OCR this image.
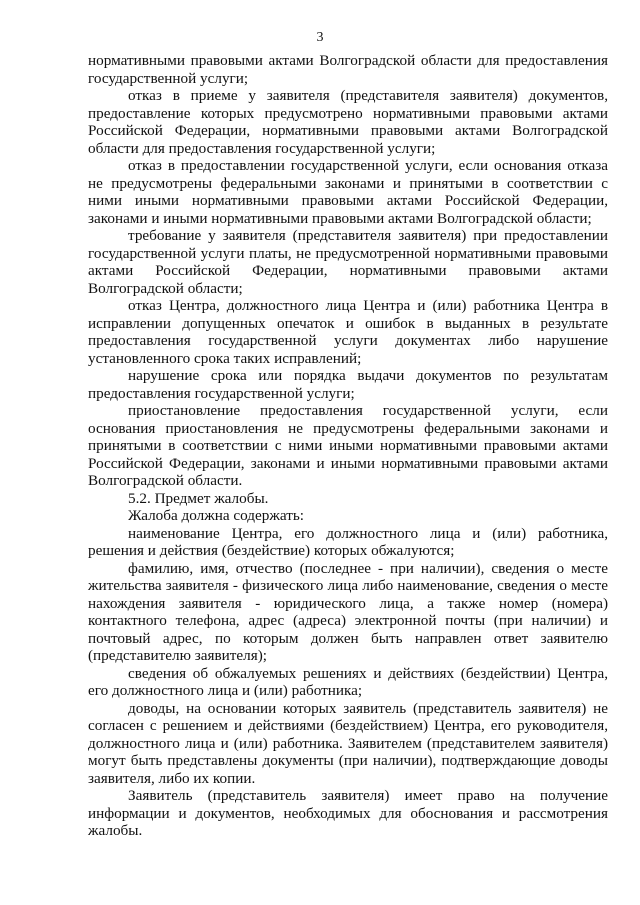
3

нормативными правовыми актами Волгоградской области для предоставления государственной услуги;

отказ в приеме у заявителя (представителя заявителя) документов, предоставление которых предусмотрено нормативными правовыми актами Российской Федерации, нормативными правовыми актами Волгоградской области для предоставления государственной услуги;

отказ в предоставлении государственной услуги, если основания отказа не предусмотрены федеральными законами и принятыми в соответствии с ними иными нормативными правовыми актами Российской Федерации, законами и иными нормативными правовыми актами Волгоградской области;

требование у заявителя (представителя заявителя) при предоставлении государственной услуги платы, не предусмотренной нормативными правовыми актами Российской Федерации, нормативными правовыми актами Волгоградской области;

отказ Центра, должностного лица Центра и (или) работника Центра в исправлении допущенных опечаток и ошибок в выданных в результате предоставления государственной услуги документах либо нарушение установленного срока таких исправлений;

нарушение срока или порядка выдачи документов по результатам предоставления государственной услуги;

приостановление предоставления государственной услуги, если основания приостановления не предусмотрены федеральными законами и принятыми в соответствии с ними иными нормативными правовыми актами Российской Федерации, законами и иными нормативными правовыми актами Волгоградской области.

5.2. Предмет жалобы.

Жалоба должна содержать:

наименование Центра, его должностного лица и (или) работника, решения и действия (бездействие) которых обжалуются;

фамилию, имя, отчество (последнее - при наличии), сведения о месте жительства заявителя - физического лица либо наименование, сведения о месте нахождения заявителя - юридического лица, а также номер (номера) контактного телефона, адрес (адреса) электронной почты (при наличии) и почтовый адрес, по которым должен быть направлен ответ заявителю (представителю заявителя);

сведения об обжалуемых решениях и действиях (бездействии) Центра, его должностного лица и (или) работника;

доводы, на основании которых заявитель (представитель заявителя) не согласен с решением и действиями (бездействием) Центра, его руководителя, должностного лица и (или) работника. Заявителем (представителем заявителя) могут быть представлены документы (при наличии), подтверждающие доводы заявителя, либо их копии.

Заявитель (представитель заявителя) имеет право на получение информации и документов, необходимых для обоснования и рассмотрения жалобы.
